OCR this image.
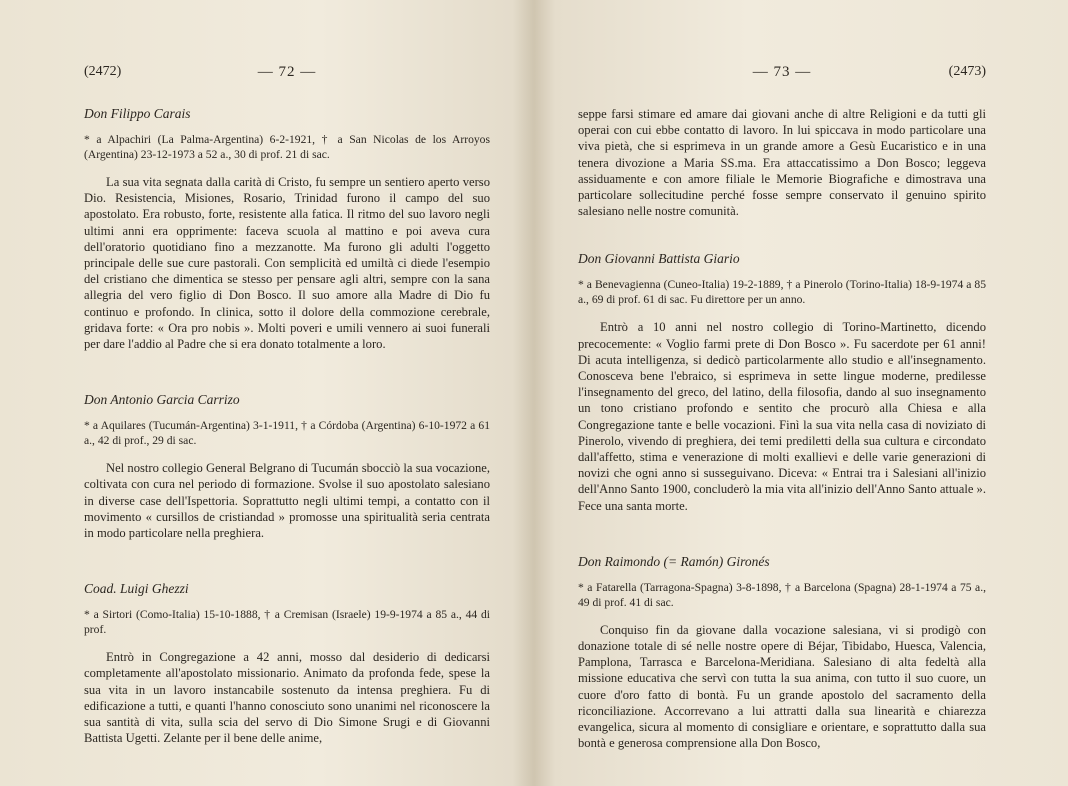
(2472)	— 72 —

Don Filippo Carais

* a Alpachiri (La Palma-Argentina) 6-2-1921, † a San Nicolas de los Arroyos (Argentina) 23-12-1973 a 52 a., 30 di prof. 21 di sac.

La sua vita segnata dalla carità di Cristo, fu sempre un sentiero aperto verso Dio. Resistencia, Misiones, Rosario, Trinidad furono il campo del suo apostolato. Era robusto, forte, resistente alla fatica. Il ritmo del suo lavoro negli ultimi anni era opprimente: faceva scuola al mattino e poi aveva cura dell'oratorio quotidiano fino a mezzanotte. Ma furono gli adulti l'oggetto principale delle sue cure pastorali. Con semplicità ed umiltà ci diede l'esempio del cristiano che dimentica se stesso per pensare agli altri, sempre con la sana allegria del vero figlio di Don Bosco. Il suo amore alla Madre di Dio fu continuo e profondo. In clinica, sotto il dolore della commozione cerebrale, gridava forte: « Ora pro nobis ». Molti poveri e umili vennero ai suoi funerali per dare l'addio al Padre che si era donato totalmente a loro.

Don Antonio Garcia Carrizo

* a Aquilares (Tucumán-Argentina) 3-1-1911, † a Córdoba (Argentina) 6-10-1972 a 61 a., 42 di prof., 29 di sac.

Nel nostro collegio General Belgrano di Tucumán sbocciò la sua vocazione, coltivata con cura nel periodo di formazione. Svolse il suo apostolato salesiano in diverse case dell'Ispettoria. Soprattutto negli ultimi tempi, a contatto con il movimento « cursillos de cristiandad » promosse una spiritualità seria centrata in modo particolare nella preghiera.

Coad. Luigi Ghezzi

* a Sirtori (Como-Italia) 15-10-1888, † a Cremisan (Israele) 19-9-1974 a 85 a., 44 di prof.

Entrò in Congregazione a 42 anni, mosso dal desiderio di dedicarsi completamente all'apostolato missionario. Animato da profonda fede, spese la sua vita in un lavoro instancabile sostenuto da intensa preghiera. Fu di edificazione a tutti, e quanti l'hanno conosciuto sono unanimi nel riconoscere la sua santità di vita, sulla scia del servo di Dio Simone Srugi e di Giovanni Battista Ugetti. Zelante per il bene delle anime,

— 73 —	(2473)

seppe farsi stimare ed amare dai giovani anche di altre Religioni e da tutti gli operai con cui ebbe contatto di lavoro. In lui spiccava in modo particolare una viva pietà, che si esprimeva in un grande amore a Gesù Eucaristico e in una tenera divozione a Maria SS.ma. Era attaccatissimo a Don Bosco; leggeva assiduamente e con amore filiale le Memorie Biografiche e dimostrava una particolare sollecitudine perché fosse sempre conservato il genuino spirito salesiano nelle nostre comunità.

Don Giovanni Battista Giario

* a Benevagienna (Cuneo-Italia) 19-2-1889, † a Pinerolo (Torino-Italia) 18-9-1974 a 85 a., 69 di prof. 61 di sac. Fu direttore per un anno.

Entrò a 10 anni nel nostro collegio di Torino-Martinetto, dicendo precocemente: « Voglio farmi prete di Don Bosco ». Fu sacerdote per 61 anni! Di acuta intelligenza, si dedicò particolarmente allo studio e all'insegnamento. Conosceva bene l'ebraico, si esprimeva in sette lingue moderne, predilesse l'insegnamento del greco, del latino, della filosofia, dando al suo insegnamento un tono cristiano profondo e sentito che procurò alla Chiesa e alla Congregazione tante e belle vocazioni. Finì la sua vita nella casa di noviziato di Pinerolo, vivendo di preghiera, dei temi prediletti della sua cultura e circondato dall'affetto, stima e venerazione di molti exallievi e delle varie generazioni di novizi che ogni anno si susseguivano. Diceva: « Entrai tra i Salesiani all'inizio dell'Anno Santo 1900, concluderò la mia vita all'inizio dell'Anno Santo attuale ». Fece una santa morte.

Don Raimondo (= Ramón) Gironés

* a Fatarella (Tarragona-Spagna) 3-8-1898, † a Barcelona (Spagna) 28-1-1974 a 75 a., 49 di prof. 41 di sac.

Conquiso fin da giovane dalla vocazione salesiana, vi si prodigò con donazione totale di sé nelle nostre opere di Béjar, Tibidabo, Huesca, Valencia, Pamplona, Tarrasca e Barcelona-Meridiana. Salesiano di alta fedeltà alla missione educativa che servì con tutta la sua anima, con tutto il suo cuore, un cuore d'oro fatto di bontà. Fu un grande apostolo del sacramento della riconciliazione. Accorrevano a lui attratti dalla sua linearità e chiarezza evangelica, sicura al momento di consigliare e orientare, e soprattutto dalla sua bontà e generosa comprensione alla Don Bosco,
